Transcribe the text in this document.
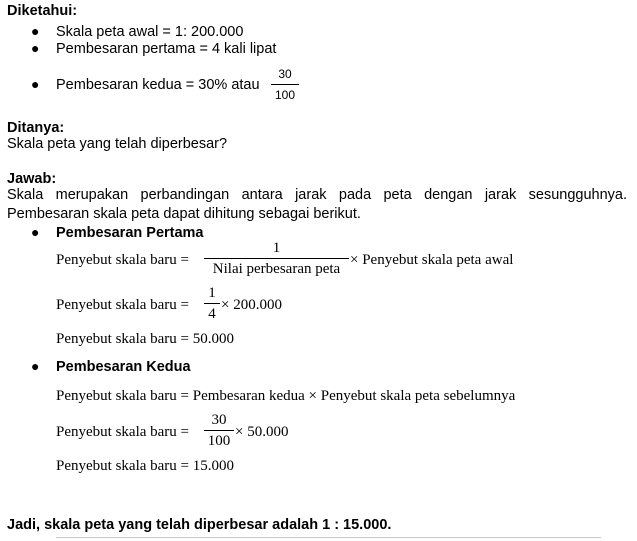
Diketahui:
● Skala peta awal = 1: 200.000
● Pembesaran pertama = 4 kali lipat
● Pembesaran kedua = 30% atau
30
100
Ditanya:
Skala peta yang telah diperbesar?
Jawab:
Skala merupakan perbandingan antara jarak pada peta dengan jarak sesungguhnya.
Pembesaran skala peta dapat dihitung sebagai berikut.
● Pembesaran Pertama
Penyebut skala baru =
1
Nilai perbesaran peta
× Penyebut skala peta awal
Penyebut skala baru =
1
4
× 200.000
Penyebut skala baru = 50.000
● Pembesaran Kedua
Penyebut skala baru = Pembesaran kedua × Penyebut skala peta sebelumnya
Penyebut skala baru =
30
100
× 50.000
Penyebut skala baru = 15.000
Jadi, skala peta yang telah diperbesar adalah 1 : 15.000.
